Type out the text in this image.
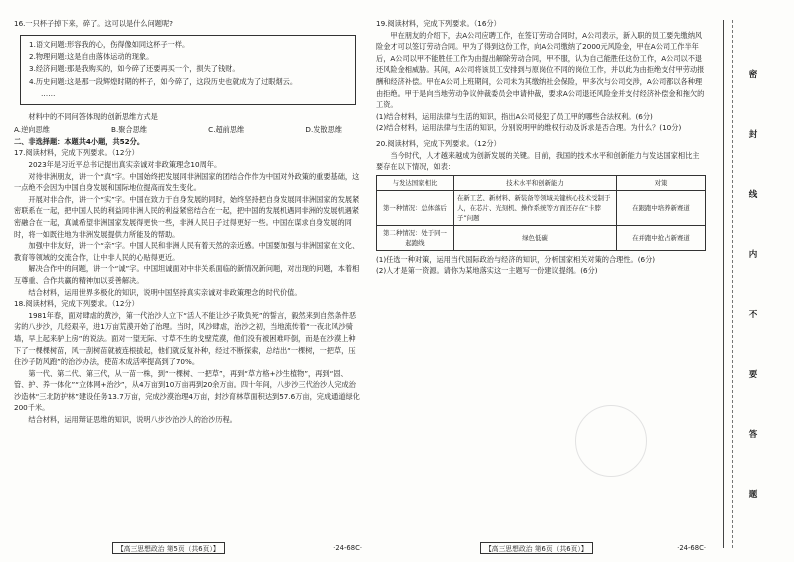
16.一只杯子掉下来，碎了。这可以是什么问题呢?

1.语文问题:形容我的心，伤得像如同这杯子一样。

2.物理问题:这是自由落体运动的现象。

3.经济问题:那是我购买的，如今碎了还要再买一个，损失了钱财。

4.历史问题:这是那一段辉煌时期的杯子，如今碎了，这段历史也就成为了过眼烟云。

……

材料中的不同问答体现的创新思维方式是

A.逆向思维	B.聚合思维	C.超前思维	D.发散思维

二、非选择题：本题共4小题，共52分。

17.阅读材料，完成下列要求。（12分）

2023年是习近平总书记提出真实亲诚对非政策理念10周年。

对待非洲朋友，讲一个“真”字。中国始终把发展同非洲国家的团结合作作为中国对外政策的重要基础，这一点绝不会因为中国自身发展和国际地位提高而发生变化。

开展对非合作，讲一个“实”字。中国在致力于自身发展的同时，始终坚持把自身发展同非洲国家的发展紧密联系在一起，把中国人民的利益同非洲人民的利益紧密结合在一起，把中国的发展机遇同非洲的发展机遇紧密融合在一起，真诚希望非洲国家发展得更快一些，非洲人民日子过得更好一些。中国在谋求自身发展的同时，将一如既往地为非洲发展提供力所能及的帮助。

加强中非友好，讲一个“亲”字。中国人民和非洲人民有着天然的亲近感。中国要加强与非洲国家在文化、教育等领域的交流合作，让中非人民的心贴得更近。

解决合作中的问题，讲一个“诚”字。中国坦诚面对中非关系面临的新情况新问题，对出现的问题，本着相互尊重、合作共赢的精神加以妥善解决。

结合材料，运用世界多极化的知识，说明中国坚持真实亲诚对非政策理念的时代价值。

18.阅读材料，完成下列要求。（12分）

1981年春，面对肆虐的黄沙，第一代治沙人立下“活人不能让沙子欺负死”的誓言，毅然来到自然条件恶劣的八步沙，几经艰辛，进1万亩荒漠开始了治理。当时，风沙肆虐，治沙之初，当地流传着“一夜北风沙骑墙，早上起来驴上房”的说法。面对一望无际、寸草不生的戈壁荒漠，他们没有被困难吓倒，而是在沙漠上种下了一棵棵树苗，风一刮树苗就被连根拔起，他们就反复补种，经过不断探索，总结出“一棵树，一把草，压住沙子防风跑”的治沙办法，使苗木成活率提高到了70%。

第一代、第二代、第三代，从一苗一株，到“一棵树、一把草”，再到“草方格+沙生植物”，再到“固、管、护、养一体化”“立体网+治沙”，从4万亩到10万亩再到20余万亩。四十年间，八步沙三代治沙人完成治沙造林“三北防护林”建设任务13.7万亩，完成沙漠治理4万亩，封沙育林草面积达到57.6万亩，完成通道绿化200千米。

结合材料，运用辩证思维的知识，说明八步沙治沙人的治沙历程。

【高三思想政治 第5页（共6页）】	·24-68C·

19.阅读材料，完成下列要求。（16分）

甲在朋友的介绍下，去A公司应聘工作，在签订劳动合同时，A公司表示，新入职的员工要先缴纳风险金才可以签订劳动合同。甲为了得到这份工作，向A公司缴纳了2000元风险金，甲在A公司工作半年后，A公司以甲不能胜任工作为由提出解除劳动合同，甲不服，认为自己能胜任这份工作，A公司以不退还风险金相威胁。其间，A公司将该员工安排到与原岗位不同的岗位工作，并以此为由拒绝支付甲劳动报酬和经济补偿。甲在A公司上班期间，公司未为其缴纳社会保险，甲多次与公司交涉，A公司都以各种理由拒绝。甲于是向当地劳动争议仲裁委员会申请仲裁，要求A公司退还风险金并支付经济补偿金和拖欠的工资。

(1)结合材料，运用法律与生活的知识，指出A公司侵犯了员工甲的哪些合法权利。(6分)

(2)结合材料，运用法律与生活的知识，分别说明甲的维权行动及诉求是否合理。为什么？(10分)

20.阅读材料，完成下列要求。（12分）

当今时代，人才越来越成为创新发展的关键。目前，我国的技术水平和创新能力与发达国家相比主要存在以下情况，如表：

与发达国家相比	技术水平和创新能力	对策
第一种情况：总体落后	在新工艺、新材料、新装备等领域关键核心技术受制于人，在芯片、光刻机、操作系统等方面还存在“卡脖子”问题	在跟跑中培养新赛道
第二种情况：处于同一起跑线	绿色低碳	在并跑中抢占新赛道

(1)任选一种对策，运用当代国际政治与经济的知识，分析国家相关对策的合理性。(6分)

(2)人才是第一资源。请你为某地落实这一主题写一份建议提纲。(6分)

【高三思想政治 第6页（共6页）】	·24-68C·
密
封
线
内
不
要
答
题
